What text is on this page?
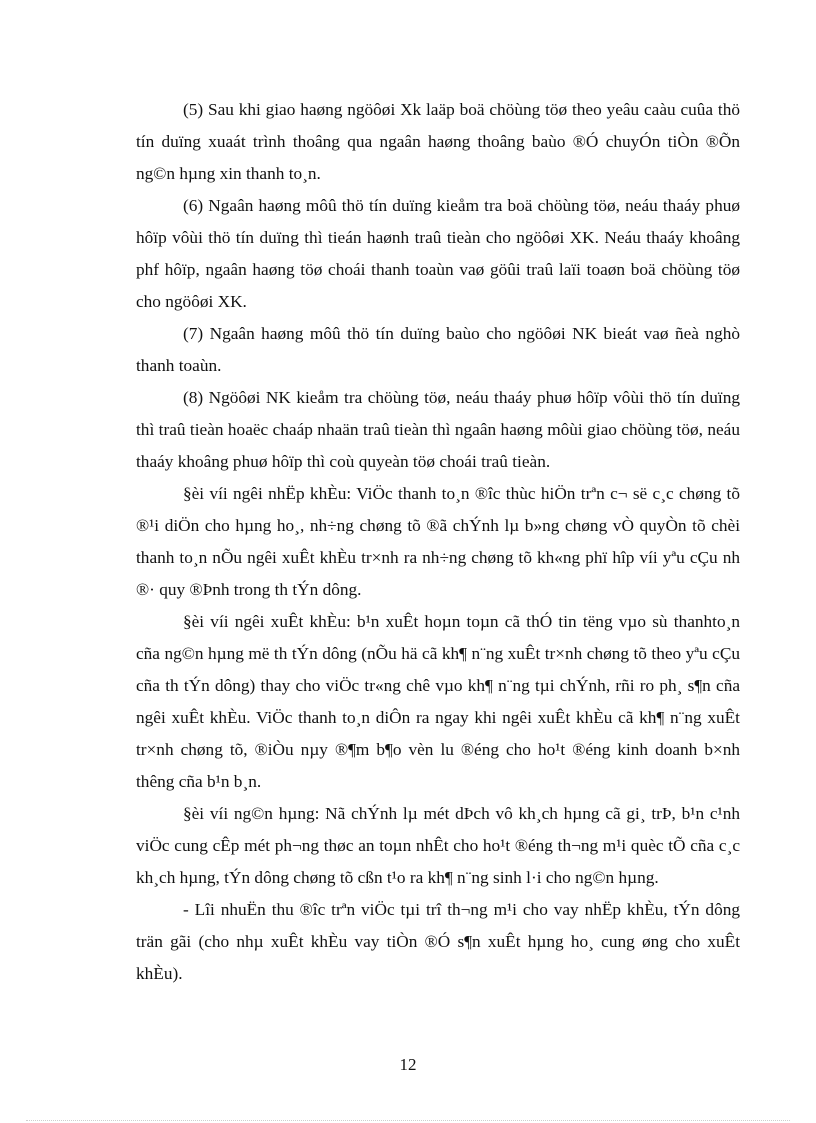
(5) Sau khi giao haøng ngöôøi Xk laäp boä chöùng töø theo yeâu caàu cuûa thö tín duïng xuaát trình thoâng qua ngaân haøng thoâng baùo ®Ó chuyÓn tiÒn ®Õn ng©n hµng xin thanh to¸n.

(6) Ngaân haøng môû thö tín duïng kieåm tra boä chöùng töø, neáu thaáy phuø hôïp vôùi thö tín duïng thì tieán haønh traû tieàn cho ngöôøi XK. Neáu thaáy khoâng phf hôïp, ngaân haøng töø choái thanh toaùn vaø göûi traû laïi toaøn boä chöùng töø cho ngöôøi XK.

(7) Ngaân haøng môû thö tín duïng baùo cho ngöôøi NK bieát vaø ñeà nghò thanh toaùn.

(8) Ngöôøi NK kieåm tra chöùng töø, neáu thaáy phuø hôïp vôùi thö tín duïng thì traû tieàn hoaëc chaáp nhaän traû tieàn thì ngaân haøng môùi giao chöùng töø, neáu thaáy khoâng phuø hôïp thì coù quyeàn töø choái traû tieàn.

§èi víi ngêi nhËp khÈu: ViÖc thanh to¸n ®îc thùc hiÖn trªn c¬ së c¸c chøng tõ ®¹i diÖn cho hµng ho¸, nh÷ng chøng tõ ®ã chÝnh lµ b»ng chøng vÒ quyÒn tõ chèi thanh to¸n nÕu ngêi xuÊt khÈu tr×nh ra nh÷ng chøng tõ kh«ng phï hîp víi yªu cÇu nh ®· quy ®Þnh trong th tÝn dông.

§èi víi ngêi xuÊt khÈu: b¹n xuÊt hoµn toµn cã thÓ tin tëng vµo sù thanhto¸n cña ng©n hµng më th tÝn dông (nÕu hä cã kh¶ n¨ng xuÊt tr×nh chøng tõ theo yªu cÇu cña th tÝn dông) thay cho viÖc tr«ng chê vµo kh¶ n¨ng tµi chÝnh, rñi ro ph¸ s¶n cña ngêi xuÊt khÈu. ViÖc thanh to¸n diÔn ra ngay khi ngêi xuÊt khÈu cã kh¶ n¨ng xuÊt tr×nh chøng tõ, ®iÒu nµy ®¶m b¶o vèn lu ®éng cho ho¹t ®éng kinh doanh b×nh thêng cña b¹n b¸n.

§èi víi ng©n hµng: Nã chÝnh lµ mét dÞch vô kh¸ch hµng cã gi¸ trÞ, b¹n c¹nh viÖc cung cÊp mét ph¬ng thøc an toµn nhÊt cho ho¹t ®éng th¬ng m¹i quèc tÕ cña c¸c kh¸ch hµng, tÝn dông chøng tõ cßn t¹o ra kh¶ n¨ng sinh l·i cho ng©n hµng.

- Lîi nhuËn thu ®îc trªn viÖc tµi trî th¬ng m¹i cho vay nhËp khÈu, tÝn dông trän gãi (cho nhµ xuÊt khÈu vay tiÒn ®Ó s¶n xuÊt hµng ho¸ cung øng cho xuÊt khÈu).

12
